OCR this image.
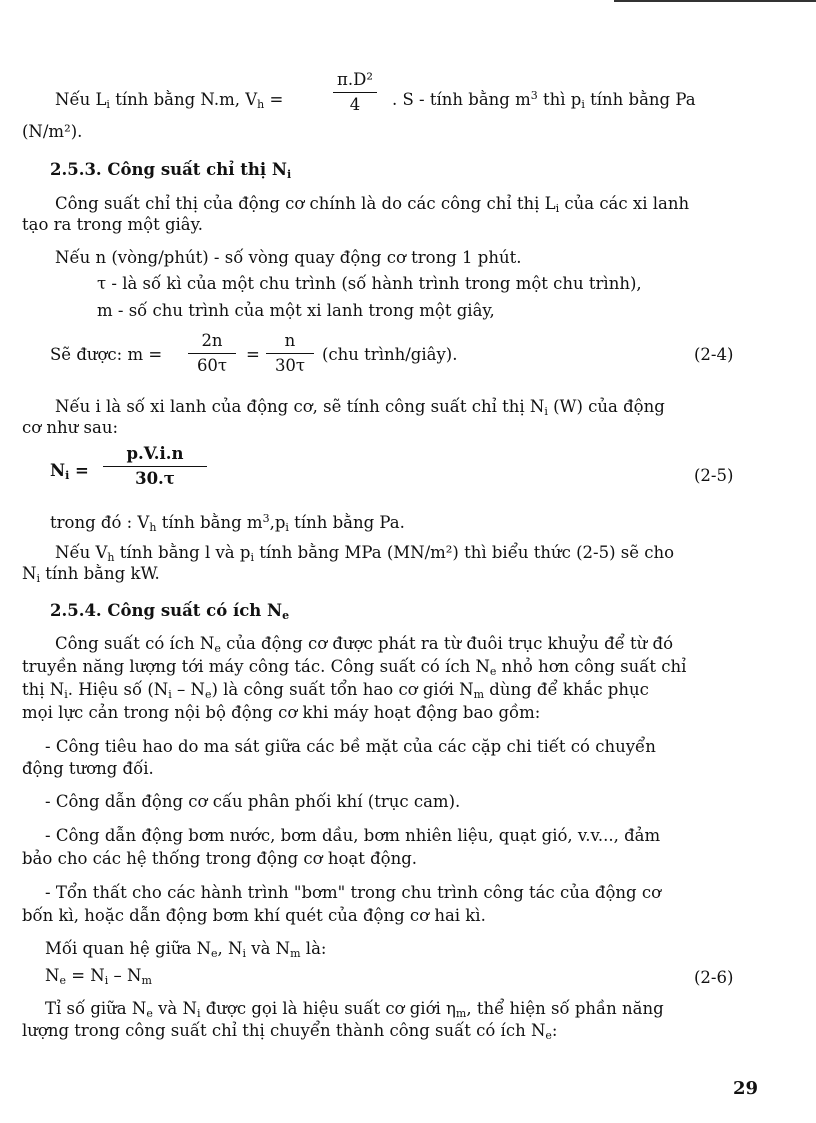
Nếu $L_i$ tính bằng N.m, $V_h$ =	$\frac{\text{π.D²}}{4}$ . S - tính bằng $m^3$ thì $p_i$ tính bằng Pa
(N/m²).
2.5.3. Công suất chỉ thị $N_i$
Công suất chỉ thị của động cơ chính là do các công chỉ thị $L_i$ của các xi lanh
tạo ra trong một giây.
Nếu n (vòng/phút) - số vòng quay động cơ trong 1 phút.
τ - là số kì của một chu trình (số hành trình trong một chu trình),
m - số chu trình của một xi lanh trong một giây,
Sẽ được: $m = \frac{2n}{60\tau} = \frac{n}{30\tau} (chu$ trình/giây).	(2-4)
Nếu i là số xi lanh của động cơ, sẽ tính công suất chỉ thị $N_i$ (W) của động
cơ như sau:
$N_i = \frac{p.V.i.n}{30.\tau}$	(2-5)
trong đó : $V_h$ tính bằng $m^3,p_i$ tính bằng Pa.
Nếu $V_h$ tính bằng l và $p_i$ tính bằng MPa (MN/m²) thì biểu thức (2-5) sẽ cho
$N_i$ tính bằng kW.
2.5.4. Công suất có ích $N_e$
Công suất có ích $N_e$ của động cơ được phát ra từ đuôi trục khuỷu để từ đó
truyền năng lượng tới máy công tác. Công suất có ích $N_e$ nhỏ hơn công suất chỉ
thị $N_i$. Hiệu số $(N_i - N_e)$ là công suất tổn hao cơ giới $N_m$ dùng để khắc phục
mọi lực cản trong nội bộ động cơ khi máy hoạt động bao gồm:
- Công tiêu hao do ma sát giữa các bề mặt của các cặp chi tiết có chuyển
động tương đối.
- Công dẫn động cơ cấu phân phối khí (trục cam).
- Công dẫn động bơm nước, bơm dầu, bơm nhiên liệu, quạt gió, v.v..., đảm
bảo cho các hệ thống trong động cơ hoạt động.
- Tổn thất cho các hành trình "bơm" trong chu trình công tác của động cơ
bốn kì, hoặc dẫn động bơm khí quét của động cơ hai kì.
Mối quan hệ giữa $N_e$, $N_i$ và $N_m$ là:
$N_e = N_i - N_m$	(2-6)
Tỉ số giữa $N_e$ và $N_i$ được gọi là hiệu suất cơ giới $\eta_m$, thể hiện số phần năng
lượng trong công suất chỉ thị chuyển thành công suất có ích $N_e$:
29
